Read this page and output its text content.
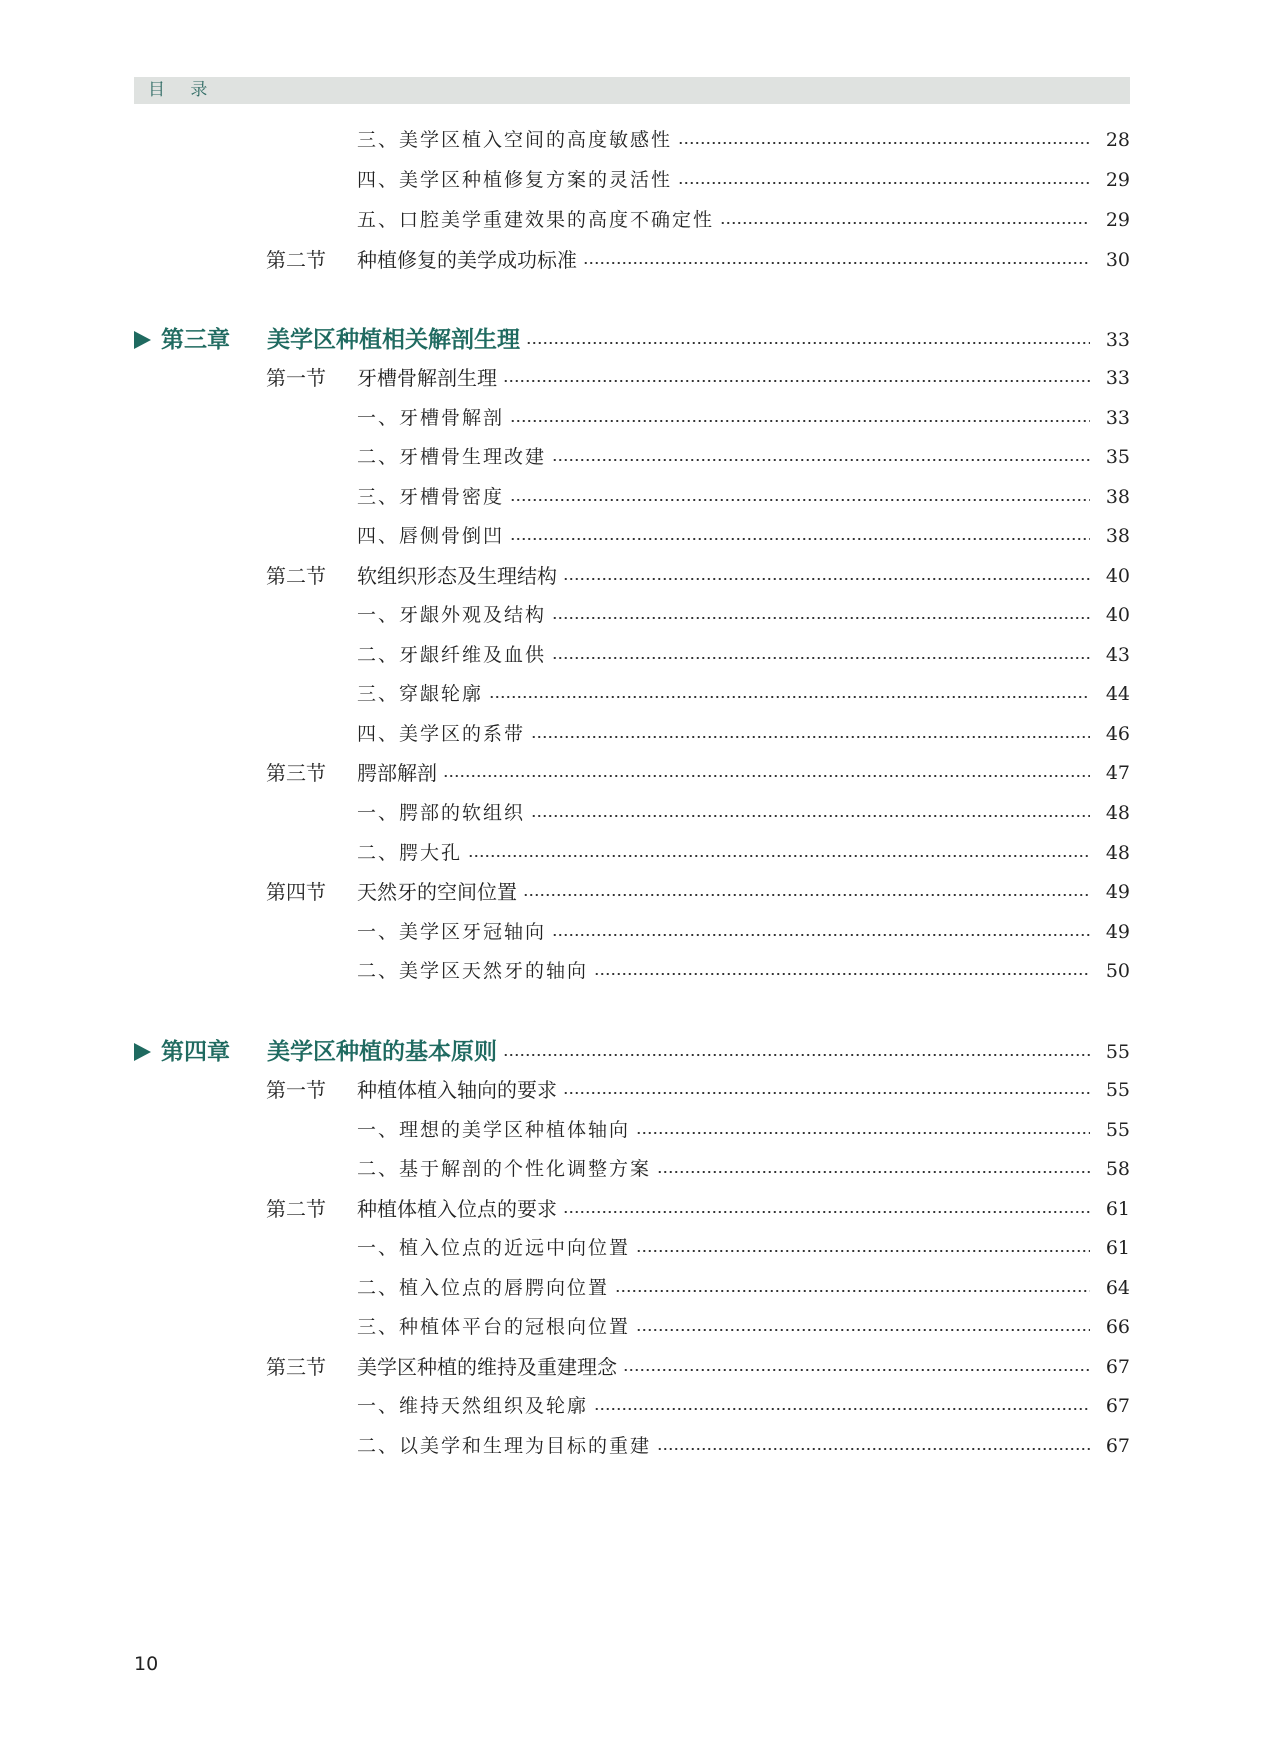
目 录
三、美学区植入空间的高度敏感性	28
四、美学区种植修复方案的灵活性	29
五、口腔美学重建效果的高度不确定性	29
第二节 种植修复的美学成功标准	30
第三章 美学区种植相关解剖生理	33
第一节 牙槽骨解剖生理	33
一、牙槽骨解剖	33
二、牙槽骨生理改建	35
三、牙槽骨密度	38
四、唇侧骨倒凹	38
第二节 软组织形态及生理结构	40
一、牙龈外观及结构	40
二、牙龈纤维及血供	43
三、穿龈轮廓	44
四、美学区的系带	46
第三节 腭部解剖	47
一、腭部的软组织	48
二、腭大孔	48
第四节 天然牙的空间位置	49
一、美学区牙冠轴向	49
二、美学区天然牙的轴向	50
第四章 美学区种植的基本原则	55
第一节 种植体植入轴向的要求	55
一、理想的美学区种植体轴向	55
二、基于解剖的个性化调整方案	58
第二节 种植体植入位点的要求	61
一、植入位点的近远中向位置	61
二、植入位点的唇腭向位置	64
三、种植体平台的冠根向位置	66
第三节 美学区种植的维持及重建理念	67
一、维持天然组织及轮廓	67
二、以美学和生理为目标的重建	67
10
